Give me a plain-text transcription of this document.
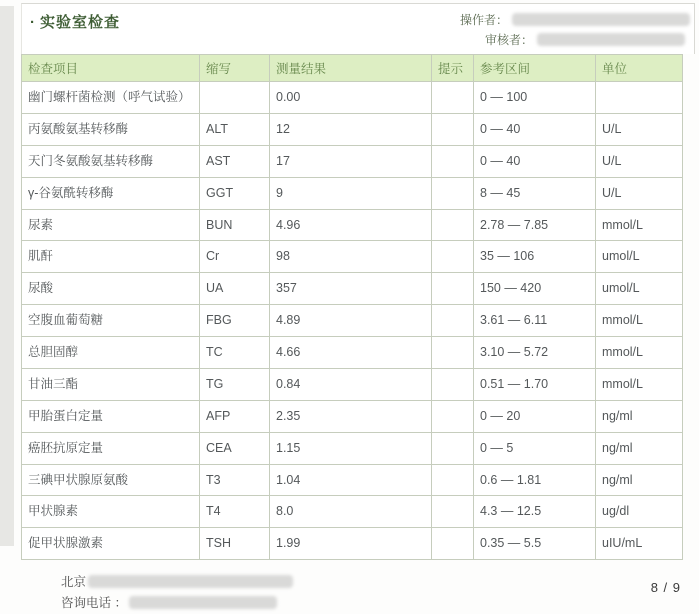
· 实验室检查	操作者：
审核者：
检查项目	缩写	测量结果	提示	参考区间	单位
幽门螺杆菌检测（呼气试验）		0.00		0 — 100	
丙氨酸氨基转移酶	ALT	12		0 — 40	U/L
天门冬氨酸氨基转移酶	AST	17		0 — 40	U/L
γ-谷氨酰转移酶	GGT	9		8 — 45	U/L
尿素	BUN	4.96		2.78 — 7.85	mmol/L
肌酐	Cr	98		35 — 106	umol/L
尿酸	UA	357		150 — 420	umol/L
空腹血葡萄糖	FBG	4.89		3.61 — 6.11	mmol/L
总胆固醇	TC	4.66		3.10 — 5.72	mmol/L
甘油三酯	TG	0.84		0.51 — 1.70	mmol/L
甲胎蛋白定量	AFP	2.35		0 — 20	ng/ml
癌胚抗原定量	CEA	1.15		0 — 5	ng/ml
三碘甲状腺原氨酸	T3	1.04		0.6 — 1.81	ng/ml
甲状腺素	T4	8.0		4.3 — 12.5	ug/dl
促甲状腺激素	TSH	1.99		0.35 — 5.5	uIU/mL
北京
咨询电话 ：
8 / 9
